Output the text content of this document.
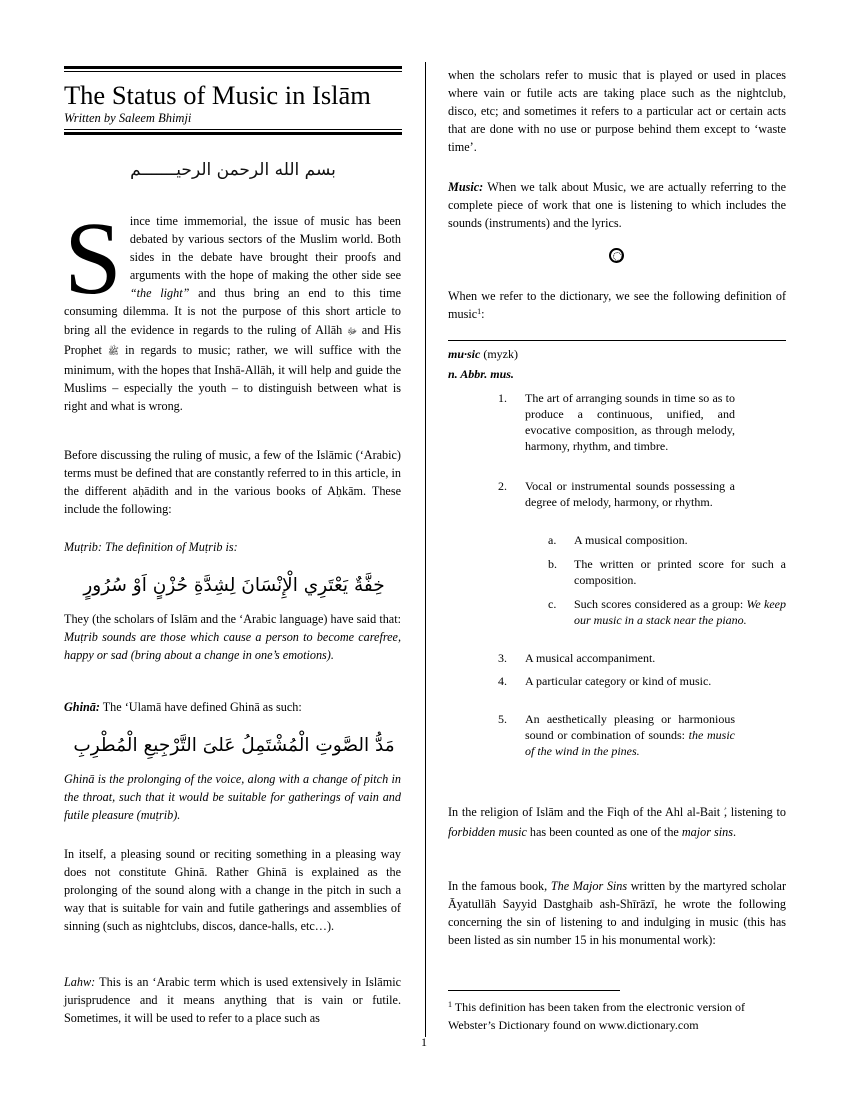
The Status of Music in Islām
Written by Saleem Bhimji
بسم الله الرحمن الرحيـــــــم
S ince time immemorial, the issue of music has been debated by various sectors of the Muslim world. Both sides in the debate have brought their proofs and arguments with the hope of making the other side see “the light” and thus bring an end to this time consuming dilemma. It is not the purpose of this short article to bring all the evidence in regards to the ruling of Allāh ﷻ and His Prophet ﷺ in regards to music; rather, we will suffice with the minimum, with the hopes that Inshā-Allāh, it will help and guide the Muslims – especially the youth – to distinguish between what is right and what is wrong.

Before discussing the ruling of music, a few of the Islāmic (‘Arabic) terms must be defined that are constantly referred to in this article, in the different aḥādith and in the various books of Aḥkām. These include the following:

Muṭrib: The definition of Muṭrib is:
خِفَّةٌ يَعْتَرِي الْإِنْسَانَ لِشِدَّةِ حُزْنٍ اَوْ سُرُورٍ

They (the scholars of Islām and the ‘Arabic language) have said that: Muṭrib sounds are those which cause a person to become carefree, happy or sad (bring about a change in one’s emotions).

Ghinā: The ‘Ulamā have defined Ghinā as such:
مَدُّ الصَّوتِ الْمُشْتَمِلُ عَلىَ التَّرْجِيعِ الْمُطْرِبِ

Ghinā is the prolonging of the voice, along with a change of pitch in the throat, such that it would be suitable for gatherings of vain and futile pleasure (muṭrib).

In itself, a pleasing sound or reciting something in a pleasing way does not constitute Ghinā. Rather Ghinā is explained as the prolonging of the sound along with a change in the pitch in such a way that is suitable for vain and futile gatherings and assemblies of sinning (such as nightclubs, discos, dance-halls, etc…).

Lahw: This is an ‘Arabic term which is used extensively in Islāmic jurisprudence and it means anything that is vain or futile. Sometimes, it will be used to refer to a place such as

when the scholars refer to music that is played or used in places where vain or futile acts are taking place such as the nightclub, disco, etc; and sometimes it refers to a particular act or certain acts that are done with no use or purpose behind them except to ‘waste time’.

Music: When we talk about Music, we are actually referring to the complete piece of work that one is listening to which includes the sounds (instruments) and the lyrics.

When we refer to the dictionary, we see the following definition of music$^1$:

mu·sic (myzk)
n. Abbr. mus.
1. The art of arranging sounds in time so as to produce a continuous, unified, and evocative composition, as through melody, harmony, rhythm, and timbre.
2. Vocal or instrumental sounds possessing a degree of melody, harmony, or rhythm.
a. A musical composition.
b. The written or printed score for such a composition.
c. Such scores considered as a group: We keep our music in a stack near the piano.
3. A musical accompaniment.
4. A particular category or kind of music.
5. An aesthetically pleasing or harmonious sound or combination of sounds: the music of the wind in the pines.

In the religion of Islām and the Fiqh of the Ahl al-Bait , listening to forbidden music has been counted as one of the major sins.

In the famous book, The Major Sins written by the martyred scholar Āyatullāh Sayyid Dastghaib ash-Shīrāzī, he wrote the following concerning the sin of listening to and indulging in music (this has been listed as sin number 15 in his monumental work):

$^1$ This definition has been taken from the electronic version of Webster’s Dictionary found on www.dictionary.com
1
